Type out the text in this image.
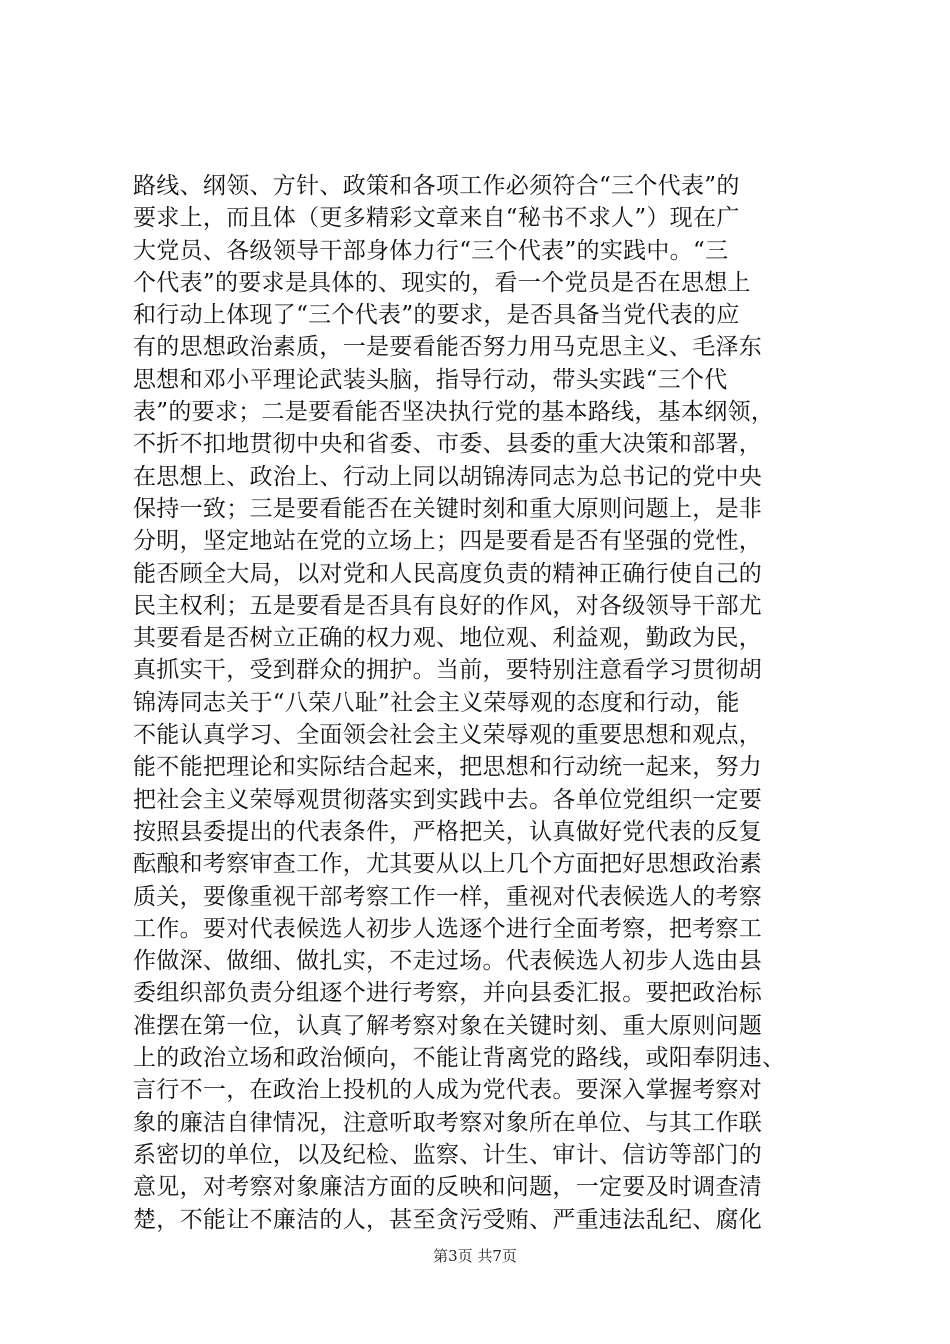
路线、纲领、方针、政策和各项工作必须符合“三个代表”的
要求上，而且体（更多精彩文章来自“秘书不求人”）现在广
大党员、各级领导干部身体力行“三个代表”的实践中。“三
个代表”的要求是具体的、现实的，看一个党员是否在思想上
和行动上体现了“三个代表”的要求，是否具备当党代表的应
有的思想政治素质，一是要看能否努力用马克思主义、毛泽东
思想和邓小平理论武装头脑，指导行动，带头实践“三个代
表”的要求；二是要看能否坚决执行党的基本路线，基本纲领，
不折不扣地贯彻中央和省委、市委、县委的重大决策和部署，
在思想上、政治上、行动上同以胡锦涛同志为总书记的党中央
保持一致；三是要看能否在关键时刻和重大原则问题上，是非
分明，坚定地站在党的立场上；四是要看是否有坚强的党性，
能否顾全大局，以对党和人民高度负责的精神正确行使自己的
民主权利；五是要看是否具有良好的作风，对各级领导干部尤
其要看是否树立正确的权力观、地位观、利益观，勤政为民，
真抓实干，受到群众的拥护。当前，要特别注意看学习贯彻胡
锦涛同志关于“八荣八耻”社会主义荣辱观的态度和行动，能
不能认真学习、全面领会社会主义荣辱观的重要思想和观点，
能不能把理论和实际结合起来，把思想和行动统一起来，努力
把社会主义荣辱观贯彻落实到实践中去。各单位党组织一定要
按照县委提出的代表条件，严格把关，认真做好党代表的反复
酝酿和考察审查工作，尤其要从以上几个方面把好思想政治素
质关，要像重视干部考察工作一样，重视对代表候选人的考察
工作。要对代表候选人初步人选逐个进行全面考察，把考察工
作做深、做细、做扎实，不走过场。代表候选人初步人选由县
委组织部负责分组逐个进行考察，并向县委汇报。要把政治标
准摆在第一位，认真了解考察对象在关键时刻、重大原则问题
上的政治立场和政治倾向，不能让背离党的路线，或阳奉阴违、
言行不一，在政治上投机的人成为党代表。要深入掌握考察对
象的廉洁自律情况，注意听取考察对象所在单位、与其工作联
系密切的单位，以及纪检、监察、计生、审计、信访等部门的
意见，对考察对象廉洁方面的反映和问题，一定要及时调查清
楚，不能让不廉洁的人，甚至贪污受贿、严重违法乱纪、腐化
第3页 共7页
